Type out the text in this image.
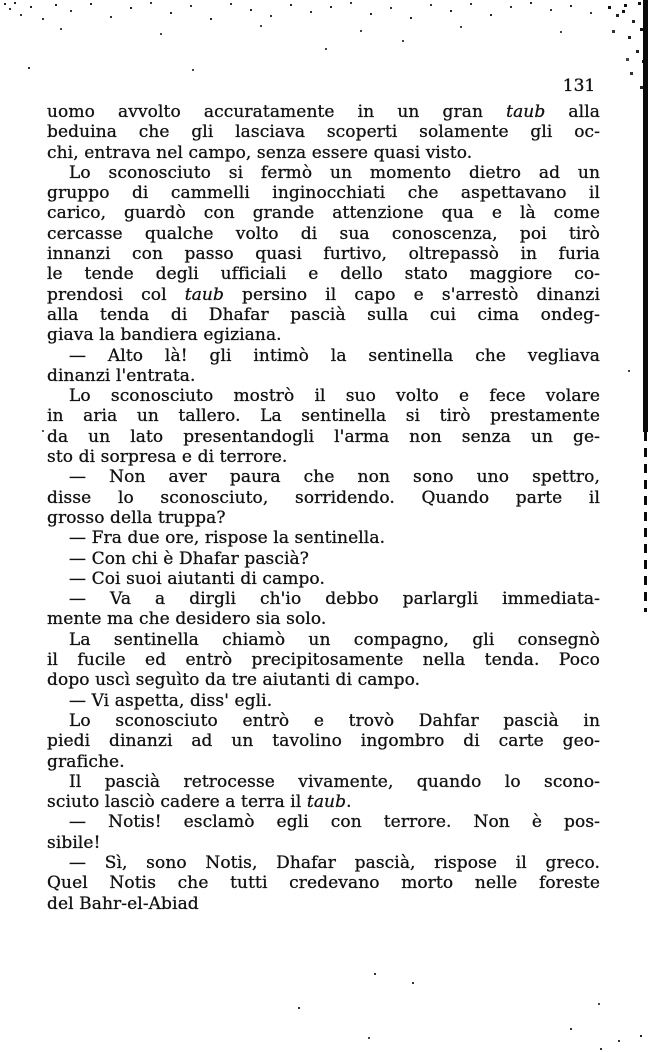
131
uomo avvolto accuratamente in un gran taub alla
beduina che gli lasciava scoperti solamente gli oc-
chi, entrava nel campo, senza essere quasi visto.
Lo sconosciuto si fermò un momento dietro ad un
gruppo di cammelli inginocchiati che aspettavano il
carico, guardò con grande attenzione qua e là come
cercasse qualche volto di sua conoscenza, poi tirò
innanzi con passo quasi furtivo, oltrepassò in furia
le tende degli ufficiali e dello stato maggiore co-
prendosi col taub persino il capo e s'arrestò dinanzi
alla tenda di Dhafar pascià sulla cui cima ondeg-
giava la bandiera egiziana.
— Alto là! gli intimò la sentinella che vegliava
dinanzi l'entrata.
Lo sconosciuto mostrò il suo volto e fece volare
in aria un tallero. La sentinella si tirò prestamente
da un lato presentandogli l'arma non senza un ge-
sto di sorpresa e di terrore.
— Non aver paura che non sono uno spettro,
disse lo sconosciuto, sorridendo. Quando parte il
grosso della truppa?
— Fra due ore, rispose la sentinella.
— Con chi è Dhafar pascià?
— Coi suoi aiutanti di campo.
— Va a dirgli ch'io debbo parlargli immediata-
mente ma che desidero sia solo.
La sentinella chiamò un compagno, gli consegnò
il fucile ed entrò precipitosamente nella tenda. Poco
dopo uscì seguìto da tre aiutanti di campo.
— Vi aspetta, diss' egli.
Lo sconosciuto entrò e trovò Dahfar pascià in
piedi dinanzi ad un tavolino ingombro di carte geo-
grafiche.
Il pascià retrocesse vivamente, quando lo scono-
sciuto lasciò cadere a terra il taub.
— Notis! esclamò egli con terrore. Non è pos-
sibile!
— Sì, sono Notis, Dhafar pascià, rispose il greco.
Quel Notis che tutti credevano morto nelle foreste
del Bahr-el-Abiad
